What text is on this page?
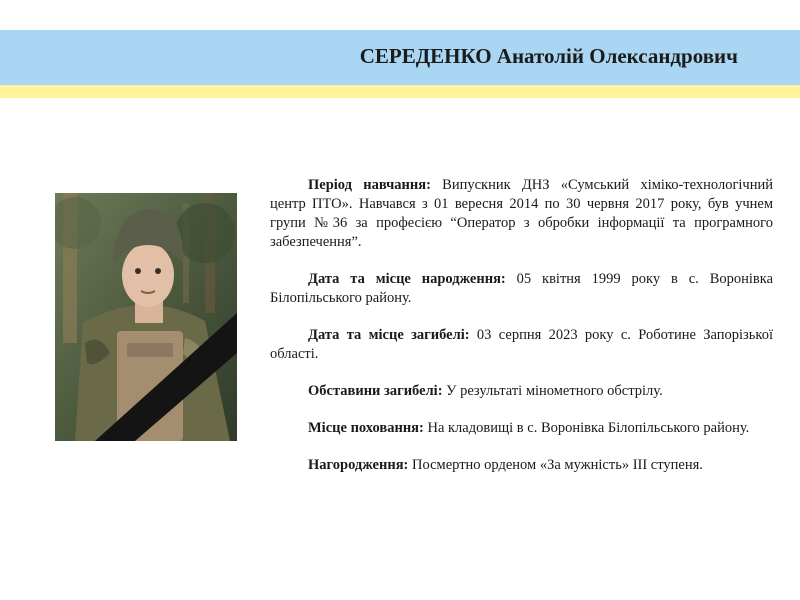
СЕРЕДЕНКО Анатолій Олександрович

Період навчання: Випускник ДНЗ «Сумський хіміко-технологічний центр ПТО». Навчався з 01 вересня 2014 по 30 червня 2017 року, був учнем групи №36 за професією “Оператор з обробки інформації та програмного забезпечення”.

Дата та місце народження: 05 квітня 1999 року в с. Воронівка Білопільського району.

Дата та місце загибелі: 03 серпня 2023 року с. Роботине Запорізької області.

Обставини загибелі: У результаті мінометного обстрілу.

Місце поховання: На кладовищі в с. Воронівка Білопільського району.

Нагородження: Посмертно орденом «За мужність» III ступеня.
